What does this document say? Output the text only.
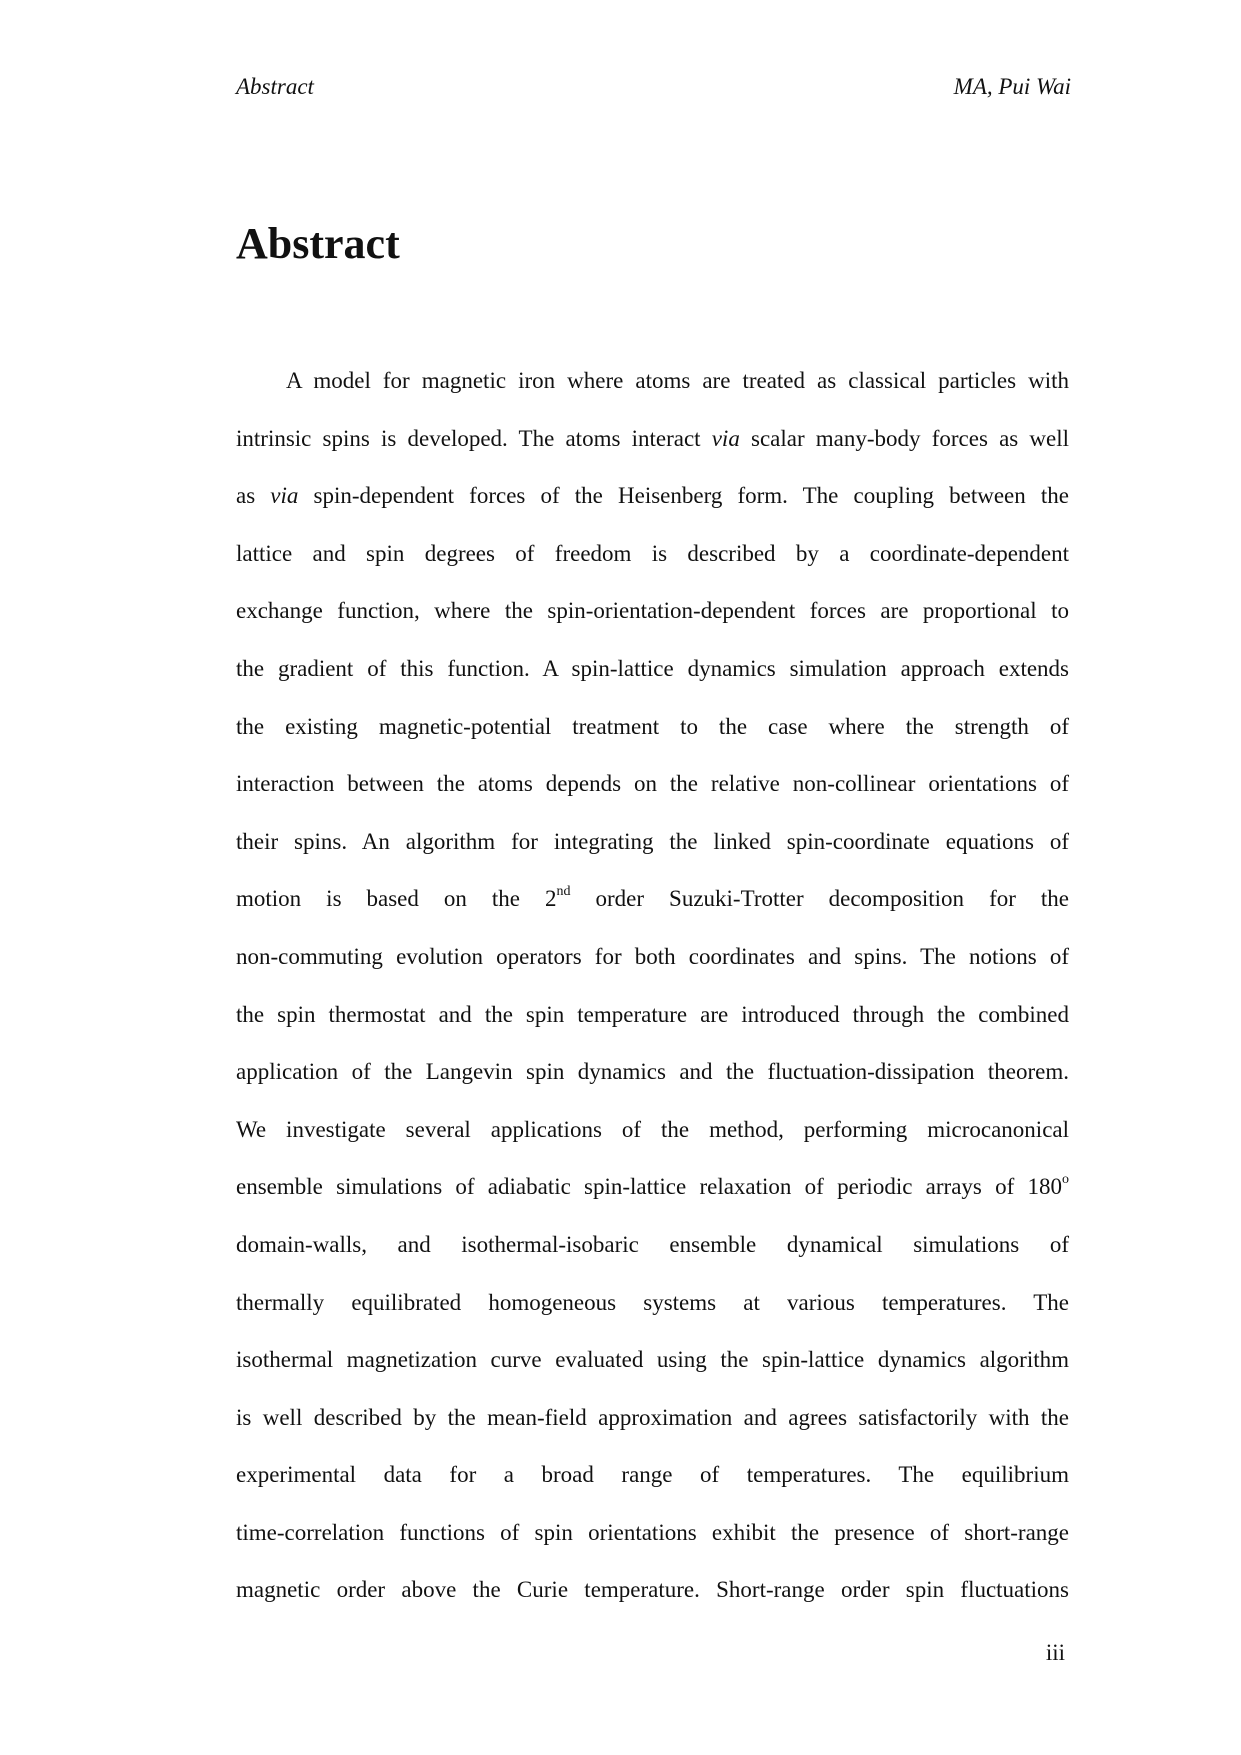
Abstract	MA, Pui Wai
Abstract
A model for magnetic iron where atoms are treated as classical particles with
intrinsic spins is developed. The atoms interact via scalar many-body forces as well
as via spin-dependent forces of the Heisenberg form. The coupling between the
lattice and spin degrees of freedom is described by a coordinate-dependent
exchange function, where the spin-orientation-dependent forces are proportional to
the gradient of this function. A spin-lattice dynamics simulation approach extends
the existing magnetic-potential treatment to the case where the strength of
interaction between the atoms depends on the relative non-collinear orientations of
their spins. An algorithm for integrating the linked spin-coordinate equations of
motion is based on the 2nd order Suzuki-Trotter decomposition for the
non-commuting evolution operators for both coordinates and spins. The notions of
the spin thermostat and the spin temperature are introduced through the combined
application of the Langevin spin dynamics and the fluctuation-dissipation theorem.
We investigate several applications of the method, performing microcanonical
ensemble simulations of adiabatic spin-lattice relaxation of periodic arrays of 180$^o$
domain-walls, and isothermal-isobaric ensemble dynamical simulations of
thermally equilibrated homogeneous systems at various temperatures. The
isothermal magnetization curve evaluated using the spin-lattice dynamics algorithm
is well described by the mean-field approximation and agrees satisfactorily with the
experimental data for a broad range of temperatures. The equilibrium
time-correlation functions of spin orientations exhibit the presence of short-range
magnetic order above the Curie temperature. Short-range order spin fluctuations
iii
